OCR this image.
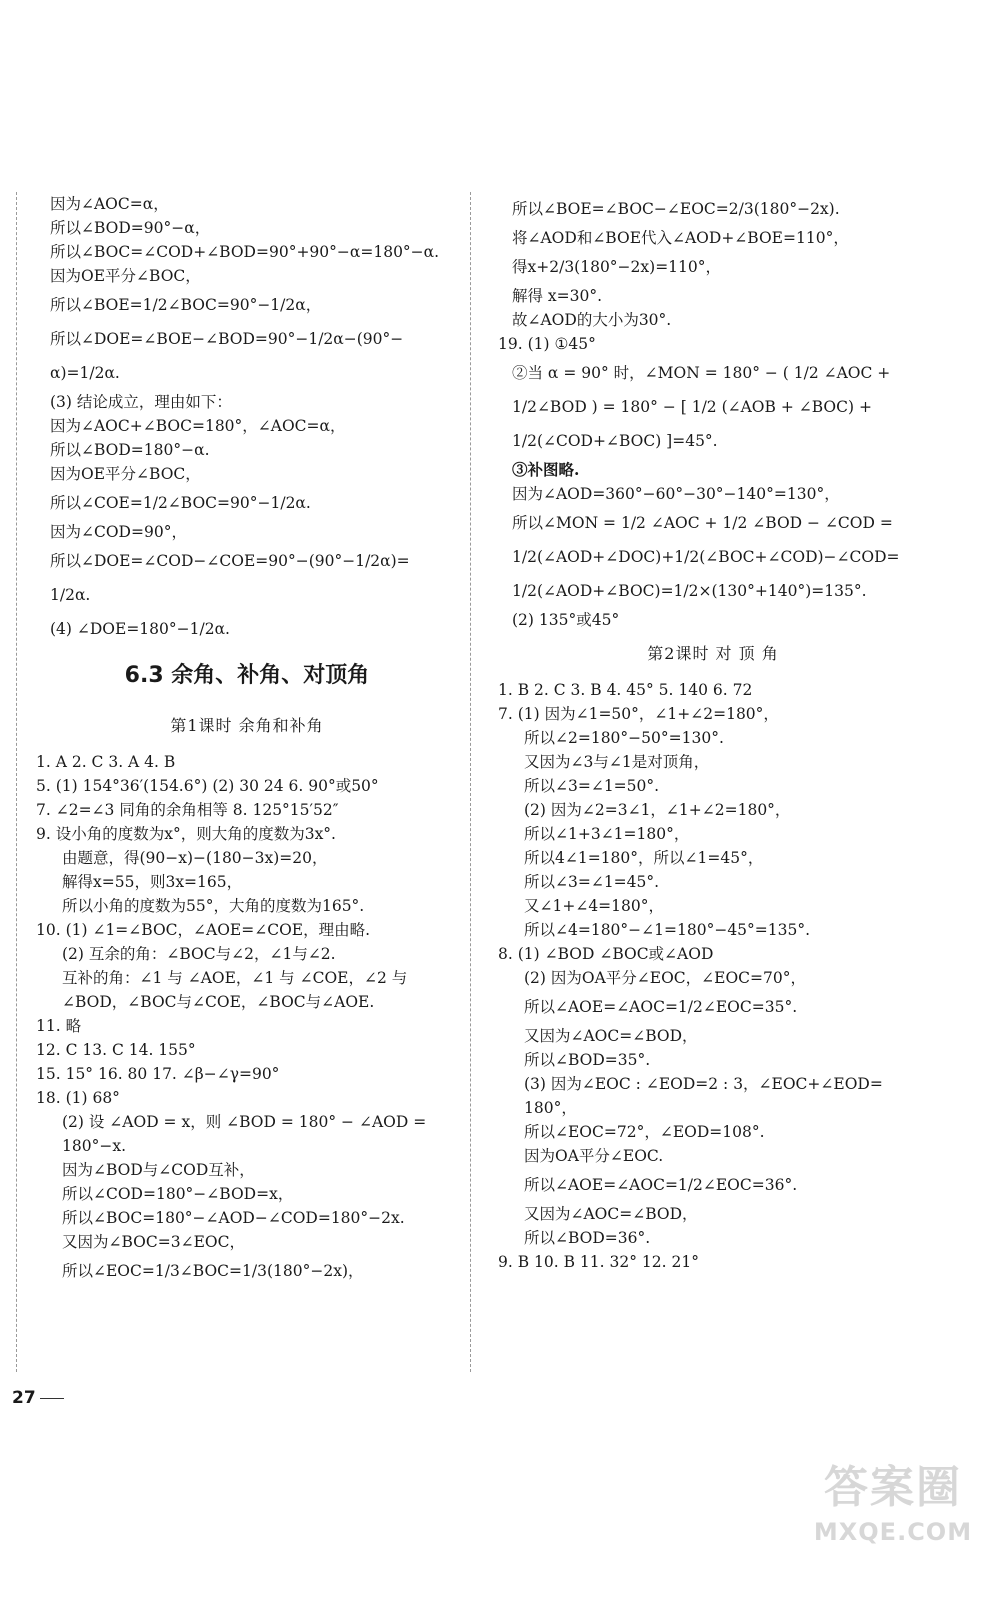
因为∠AOC=α，
所以∠BOD=90°−α，
所以∠BOC=∠COD+∠BOD=90°+90°−α=180°−α.
因为OE平分∠BOC，
所以∠BOE=1/2∠BOC=90°−1/2α，
所以∠DOE=∠BOE−∠BOD=90°−1/2α−(90°−
α)=1/2α.
(3) 结论成立，理由如下：
因为∠AOC+∠BOC=180°，∠AOC=α，
所以∠BOD=180°−α.
因为OE平分∠BOC，
所以∠COE=1/2∠BOC=90°−1/2α.
因为∠COD=90°，
所以∠DOE=∠COD−∠COE=90°−(90°−1/2α)=
1/2α.
(4) ∠DOE=180°−1/2α.
6.3 余角、补角、对顶角
第1课时 余角和补角
1. A 2. C 3. A 4. B
5. (1) 154°36′(154.6°) (2) 30 24 6. 90°或50°
7. ∠2=∠3 同角的余角相等 8. 125°15′52″
9. 设小角的度数为x°，则大角的度数为3x°.
由题意，得(90−x)−(180−3x)=20，
解得x=55，则3x=165，
所以小角的度数为55°，大角的度数为165°.
10. (1) ∠1=∠BOC，∠AOE=∠COE，理由略.
(2) 互余的角：∠BOC与∠2，∠1与∠2.
互补的角：∠1 与 ∠AOE，∠1 与 ∠COE，∠2 与
∠BOD，∠BOC与∠COE，∠BOC与∠AOE.
11. 略
12. C 13. C 14. 155°
15. 15° 16. 80 17. ∠β−∠γ=90°
18. (1) 68°
(2) 设 ∠AOD = x，则 ∠BOD = 180° − ∠AOD =
180°−x.
因为∠BOD与∠COD互补，
所以∠COD=180°−∠BOD=x，
所以∠BOC=180°−∠AOD−∠COD=180°−2x.
又因为∠BOC=3∠EOC，
所以∠EOC=1/3∠BOC=1/3(180°−2x)，
所以∠BOE=∠BOC−∠EOC=2/3(180°−2x).
将∠AOD和∠BOE代入∠AOD+∠BOE=110°，
得x+2/3(180°−2x)=110°，
解得 x=30°.
故∠AOD的大小为30°.
19. (1) ①45°
②当 α = 90° 时，∠MON = 180° − ( 1/2 ∠AOC +
1/2∠BOD ) = 180° − [ 1/2 (∠AOB + ∠BOC) +
1/2(∠COD+∠BOC) ]=45°.
③补图略.
因为∠AOD=360°−60°−30°−140°=130°，
所以∠MON = 1/2 ∠AOC + 1/2 ∠BOD − ∠COD =
1/2(∠AOD+∠DOC)+1/2(∠BOC+∠COD)−∠COD=
1/2(∠AOD+∠BOC)=1/2×(130°+140°)=135°.
(2) 135°或45°
第2课时 对 顶 角
1. B 2. C 3. B 4. 45° 5. 140 6. 72
7. (1) 因为∠1=50°，∠1+∠2=180°，
所以∠2=180°−50°=130°.
又因为∠3与∠1是对顶角，
所以∠3=∠1=50°.
(2) 因为∠2=3∠1，∠1+∠2=180°，
所以∠1+3∠1=180°，
所以4∠1=180°，所以∠1=45°，
所以∠3=∠1=45°.
又∠1+∠4=180°，
所以∠4=180°−∠1=180°−45°=135°.
8. (1) ∠BOD ∠BOC或∠AOD
(2) 因为OA平分∠EOC，∠EOC=70°，
所以∠AOE=∠AOC=1/2∠EOC=35°.
又因为∠AOC=∠BOD，
所以∠BOD=35°.
(3) 因为∠EOC : ∠EOD=2 : 3，∠EOC+∠EOD=
180°，
所以∠EOC=72°，∠EOD=108°.
因为OA平分∠EOC.
所以∠AOE=∠AOC=1/2∠EOC=36°.
又因为∠AOC=∠BOD，
所以∠BOD=36°.
9. B 10. B 11. 32° 12. 21°
27
答案圈
MXQE.COM
